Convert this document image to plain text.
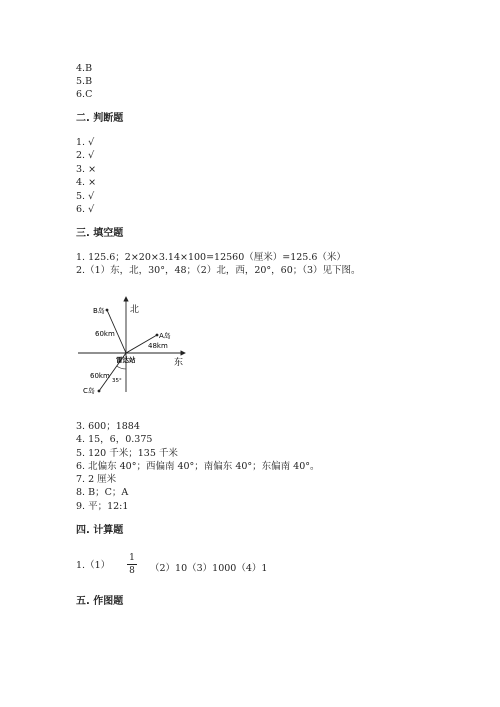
4.B
5.B
6.C
二. 判断题
1. √
2. √
3. ×
4. ×
5. √
6. √
三. 填空题
1. 125.6；2×20×3.14×100=12560（厘米）=125.6（米）
2.（1）东，北，30°，48；（2）北，西，20°，60；（3）见下图。
北
东
B岛
A岛
C岛
60km
48km
60km
35°
雷达站
3. 600；1884
4. 15，6，0.375
5. 120 千米；135 千米
6. 北偏东 40°；西偏南 40°；南偏东 40°；东偏南 40°。
7. 2 厘米
8. B；C；A
9. 平；12:1
四. 计算题
1.（1）
1
8 （2）10（3）1000（4）1
五. 作图题
